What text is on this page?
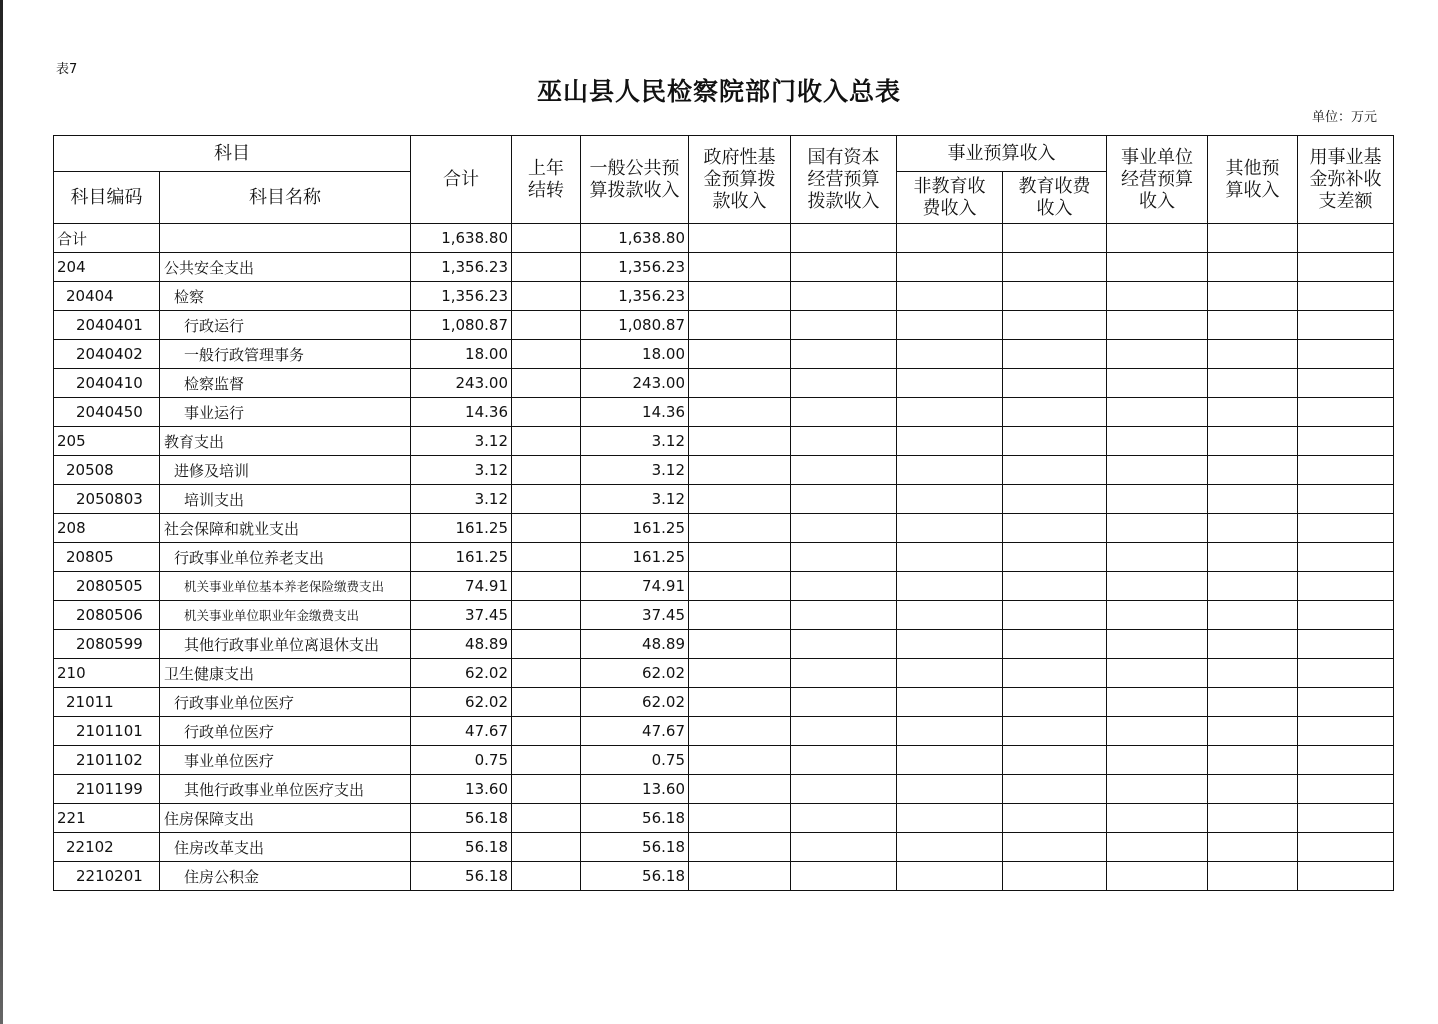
表7
巫山县人民检察院部门收入总表
单位：万元
科目		合计	上年结转	一般公共预算拨款收入	政府性基金预算拨款收入	国有资本经营预算拨款收入	事业预算收入		事业单位经营预算收入	其他预算收入	用事业基金弥补收支差额
科目编码	科目名称						非教育收费收入	教育收费收入			
合计		1,638.80		1,638.80							
204	公共安全支出	1,356.23		1,356.23							
20404	检察	1,356.23		1,356.23							
2040401	行政运行	1,080.87		1,080.87							
2040402	一般行政管理事务	18.00		18.00							
2040410	检察监督	243.00		243.00							
2040450	事业运行	14.36		14.36							
205	教育支出	3.12		3.12							
20508	进修及培训	3.12		3.12							
2050803	培训支出	3.12		3.12							
208	社会保障和就业支出	161.25		161.25							
20805	行政事业单位养老支出	161.25		161.25							
2080505	机关事业单位基本养老保险缴费支出	74.91		74.91							
2080506	机关事业单位职业年金缴费支出	37.45		37.45							
2080599	其他行政事业单位离退休支出	48.89		48.89							
210	卫生健康支出	62.02		62.02							
21011	行政事业单位医疗	62.02		62.02							
2101101	行政单位医疗	47.67		47.67							
2101102	事业单位医疗	0.75		0.75							
2101199	其他行政事业单位医疗支出	13.60		13.60							
221	住房保障支出	56.18		56.18							
22102	住房改革支出	56.18		56.18							
2210201	住房公积金	56.18		56.18							
